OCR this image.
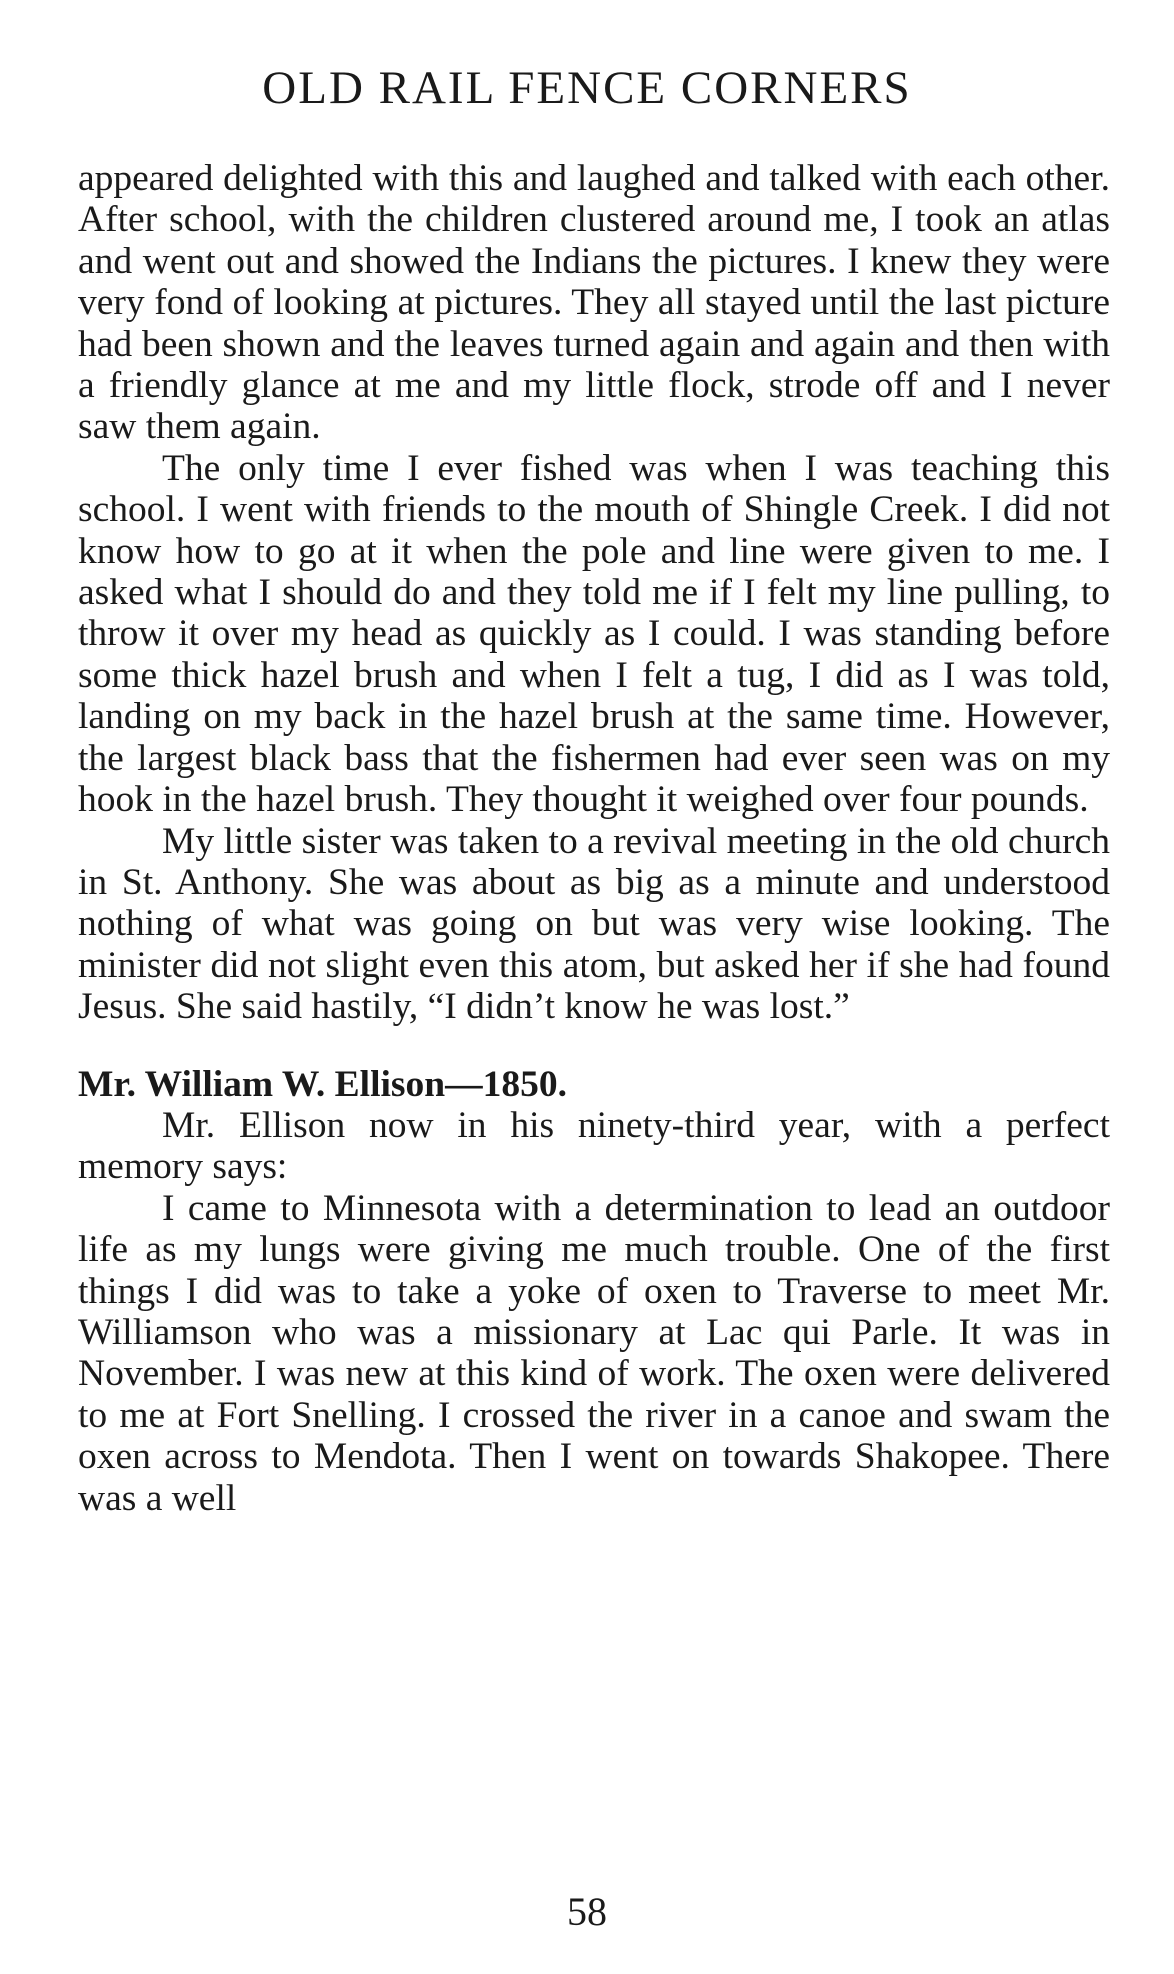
OLD RAIL FENCE CORNERS

appeared delighted with this and laughed and talked with each other. After school, with the children clustered around me, I took an atlas and went out and showed the Indians the pictures. I knew they were very fond of looking at pictures. They all stayed until the last picture had been shown and the leaves turned again and again and then with a friendly glance at me and my little flock, strode off and I never saw them again.

The only time I ever fished was when I was teaching this school. I went with friends to the mouth of Shingle Creek. I did not know how to go at it when the pole and line were given to me. I asked what I should do and they told me if I felt my line pulling, to throw it over my head as quickly as I could. I was standing before some thick hazel brush and when I felt a tug, I did as I was told, landing on my back in the hazel brush at the same time. However, the largest black bass that the fishermen had ever seen was on my hook in the hazel brush. They thought it weighed over four pounds.

My little sister was taken to a revival meeting in the old church in St. Anthony. She was about as big as a minute and understood nothing of what was going on but was very wise looking. The minister did not slight even this atom, but asked her if she had found Jesus. She said hastily, “I didn’t know he was lost.”

Mr. William W. Ellison—1850.

Mr. Ellison now in his ninety-third year, with a perfect memory says:

I came to Minnesota with a determination to lead an outdoor life as my lungs were giving me much trouble. One of the first things I did was to take a yoke of oxen to Traverse to meet Mr. Williamson who was a missionary at Lac qui Parle. It was in November. I was new at this kind of work. The oxen were delivered to me at Fort Snelling. I crossed the river in a canoe and swam the oxen across to Mendota. Then I went on towards Shakopee. There was a well

58
